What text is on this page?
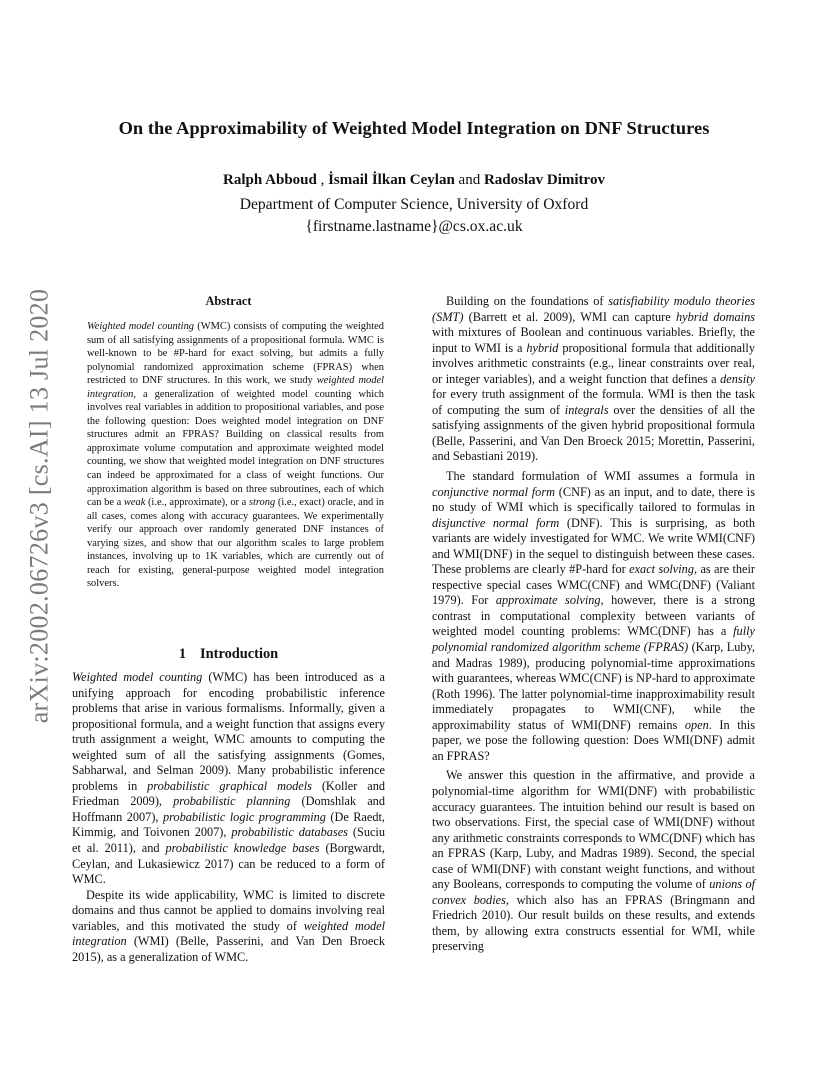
arXiv:2002.06726v3 [cs.AI] 13 Jul 2020
On the Approximability of Weighted Model Integration on DNF Structures
Ralph Abboud , İsmail İlkan Ceylan and Radoslav Dimitrov
Department of Computer Science, University of Oxford
{firstname.lastname}@cs.ox.ac.uk
Abstract
Weighted model counting (WMC) consists of computing the weighted sum of all satisfying assignments of a propositional formula. WMC is well-known to be #P-hard for exact solving, but admits a fully polynomial randomized approximation scheme (FPRAS) when restricted to DNF structures. In this work, we study weighted model integration, a generalization of weighted model counting which involves real variables in addition to propositional variables, and pose the following question: Does weighted model integration on DNF structures admit an FPRAS? Building on classical results from approximate volume computation and approximate weighted model counting, we show that weighted model integration on DNF structures can indeed be approximated for a class of weight functions. Our approximation algorithm is based on three subroutines, each of which can be a weak (i.e., approximate), or a strong (i.e., exact) oracle, and in all cases, comes along with accuracy guarantees. We experimentally verify our approach over randomly generated DNF instances of varying sizes, and show that our algorithm scales to large problem instances, involving up to 1K variables, which are currently out of reach for existing, general-purpose weighted model integration solvers.
1 Introduction

Weighted model counting (WMC) has been introduced as a unifying approach for encoding probabilistic inference problems that arise in various formalisms. Informally, given a propositional formula, and a weight function that assigns every truth assignment a weight, WMC amounts to computing the weighted sum of all the satisfying assignments (Gomes, Sabharwal, and Selman 2009). Many probabilistic inference problems in probabilistic graphical models (Koller and Friedman 2009), probabilistic planning (Domshlak and Hoffmann 2007), probabilistic logic programming (De Raedt, Kimmig, and Toivonen 2007), probabilistic databases (Suciu et al. 2011), and probabilistic knowledge bases (Borgwardt, Ceylan, and Lukasiewicz 2017) can be reduced to a form of WMC.

Despite its wide applicability, WMC is limited to discrete domains and thus cannot be applied to domains involving real variables, and this motivated the study of weighted model integration (WMI) (Belle, Passerini, and Van Den Broeck 2015), as a generalization of WMC.

Building on the foundations of satisfiability modulo theories (SMT) (Barrett et al. 2009), WMI can capture hybrid domains with mixtures of Boolean and continuous variables. Briefly, the input to WMI is a hybrid propositional formula that additionally involves arithmetic constraints (e.g., linear constraints over real, or integer variables), and a weight function that defines a density for every truth assignment of the formula. WMI is then the task of computing the sum of integrals over the densities of all the satisfying assignments of the given hybrid propositional formula (Belle, Passerini, and Van Den Broeck 2015; Morettin, Passerini, and Sebastiani 2019).

The standard formulation of WMI assumes a formula in conjunctive normal form (CNF) as an input, and to date, there is no study of WMI which is specifically tailored to formulas in disjunctive normal form (DNF). This is surprising, as both variants are widely investigated for WMC. We write WMI(CNF) and WMI(DNF) in the sequel to distinguish between these cases. These problems are clearly #P-hard for exact solving, as are their respective special cases WMC(CNF) and WMC(DNF) (Valiant 1979). For approximate solving, however, there is a strong contrast in computational complexity between variants of weighted model counting problems: WMC(DNF) has a fully polynomial randomized algorithm scheme (FPRAS) (Karp, Luby, and Madras 1989), producing polynomial-time approximations with guarantees, whereas WMC(CNF) is NP-hard to approximate (Roth 1996). The latter polynomial-time inapproximability result immediately propagates to WMI(CNF), while the approximability status of WMI(DNF) remains open. In this paper, we pose the following question: Does WMI(DNF) admit an FPRAS?

We answer this question in the affirmative, and provide a polynomial-time algorithm for WMI(DNF) with probabilistic accuracy guarantees. The intuition behind our result is based on two observations. First, the special case of WMI(DNF) without any arithmetic constraints corresponds to WMC(DNF) which has an FPRAS (Karp, Luby, and Madras 1989). Second, the special case of WMI(DNF) with constant weight functions, and without any Booleans, corresponds to computing the volume of unions of convex bodies, which also has an FPRAS (Bringmann and Friedrich 2010). Our result builds on these results, and extends them, by allowing extra constructs essential for WMI, while preserving
